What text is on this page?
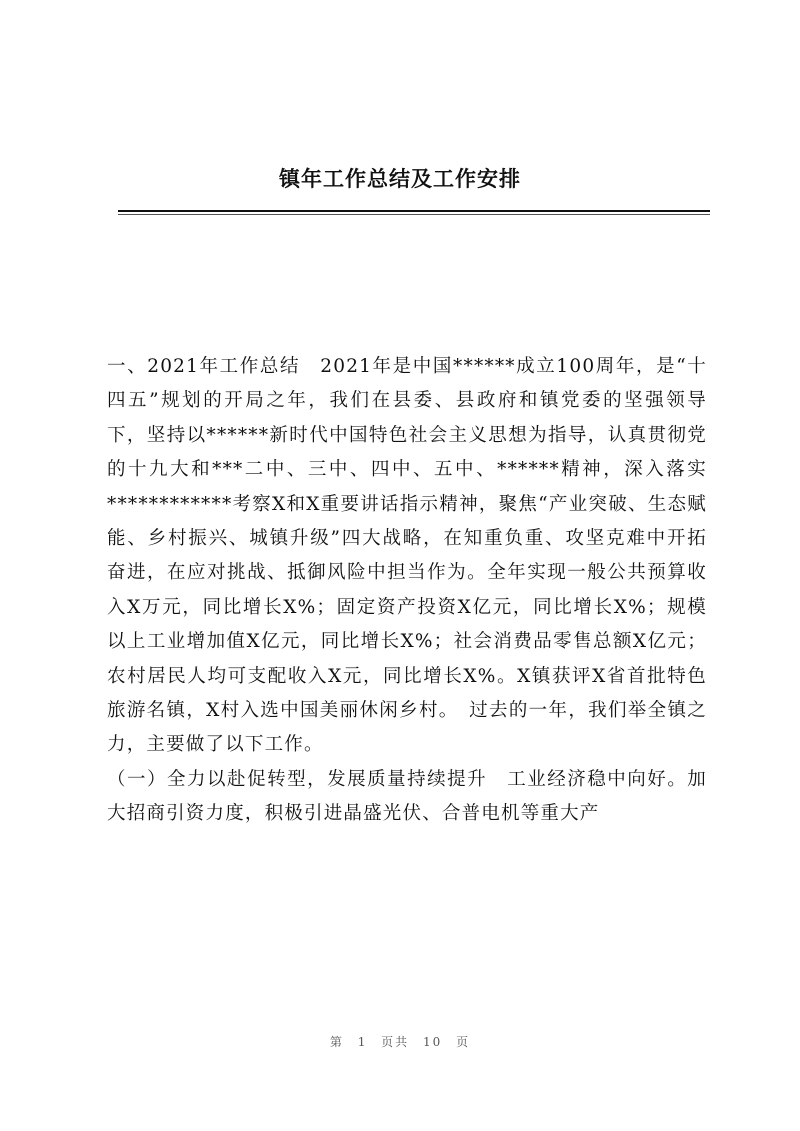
镇年工作总结及工作安排

一、2021年工作总结　2021年是中国******成立100周年，是“十四五”规划的开局之年，我们在县委、县政府和镇党委的坚强领导下，坚持以******新时代中国特色社会主义思想为指导，认真贯彻党的十九大和***二中、三中、四中、五中、******精神，深入落实************考察X和X重要讲话指示精神，聚焦“产业突破、生态赋能、乡村振兴、城镇升级”四大战略，在知重负重、攻坚克难中开拓奋进，在应对挑战、抵御风险中担当作为。全年实现一般公共预算收入X万元，同比增长X%；固定资产投资X亿元，同比增长X%；规模以上工业增加值X亿元，同比增长X%；社会消费品零售总额X亿元；农村居民人均可支配收入X元，同比增长X%。X镇获评X省首批特色旅游名镇，X村入选中国美丽休闲乡村。　过去的一年，我们举全镇之力，主要做了以下工作。

（一）全力以赴促转型，发展质量持续提升　工业经济稳中向好。加大招商引资力度，积极引进晶盛光伏、合普电机等重大产

第 1 页共 10 页
